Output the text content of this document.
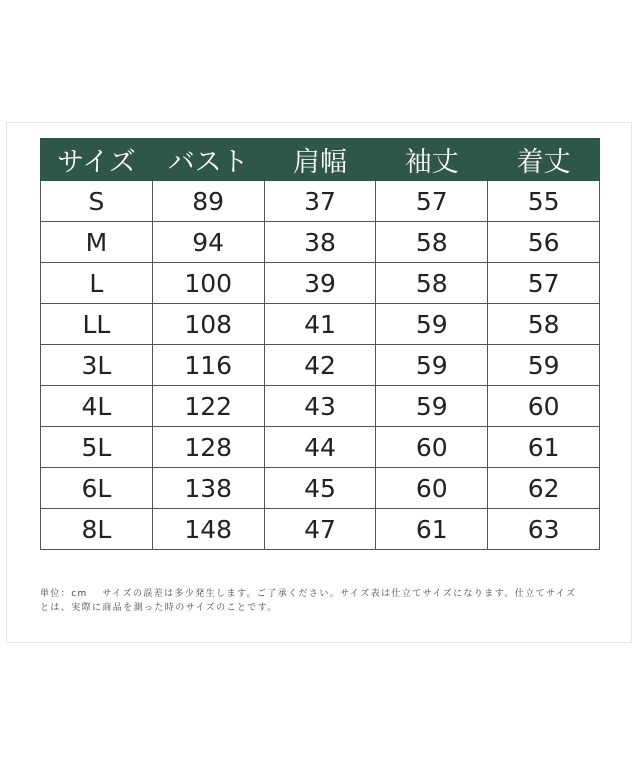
サイズ	バスト	肩幅	袖丈	着丈
S	89	37	57	55
M	94	38	58	56
L	100	39	58	57
LL	108	41	59	58
3L	116	42	59	59
4L	122	43	59	60
5L	128	44	60	61
6L	138	45	60	62
8L	148	47	61	63
単位：cm　 サイズの誤差は多少発生します。ご了承ください。サイズ表は仕立てサイズになります。仕立てサイズ
とは、実際に商品を測った時のサイズのことです。
